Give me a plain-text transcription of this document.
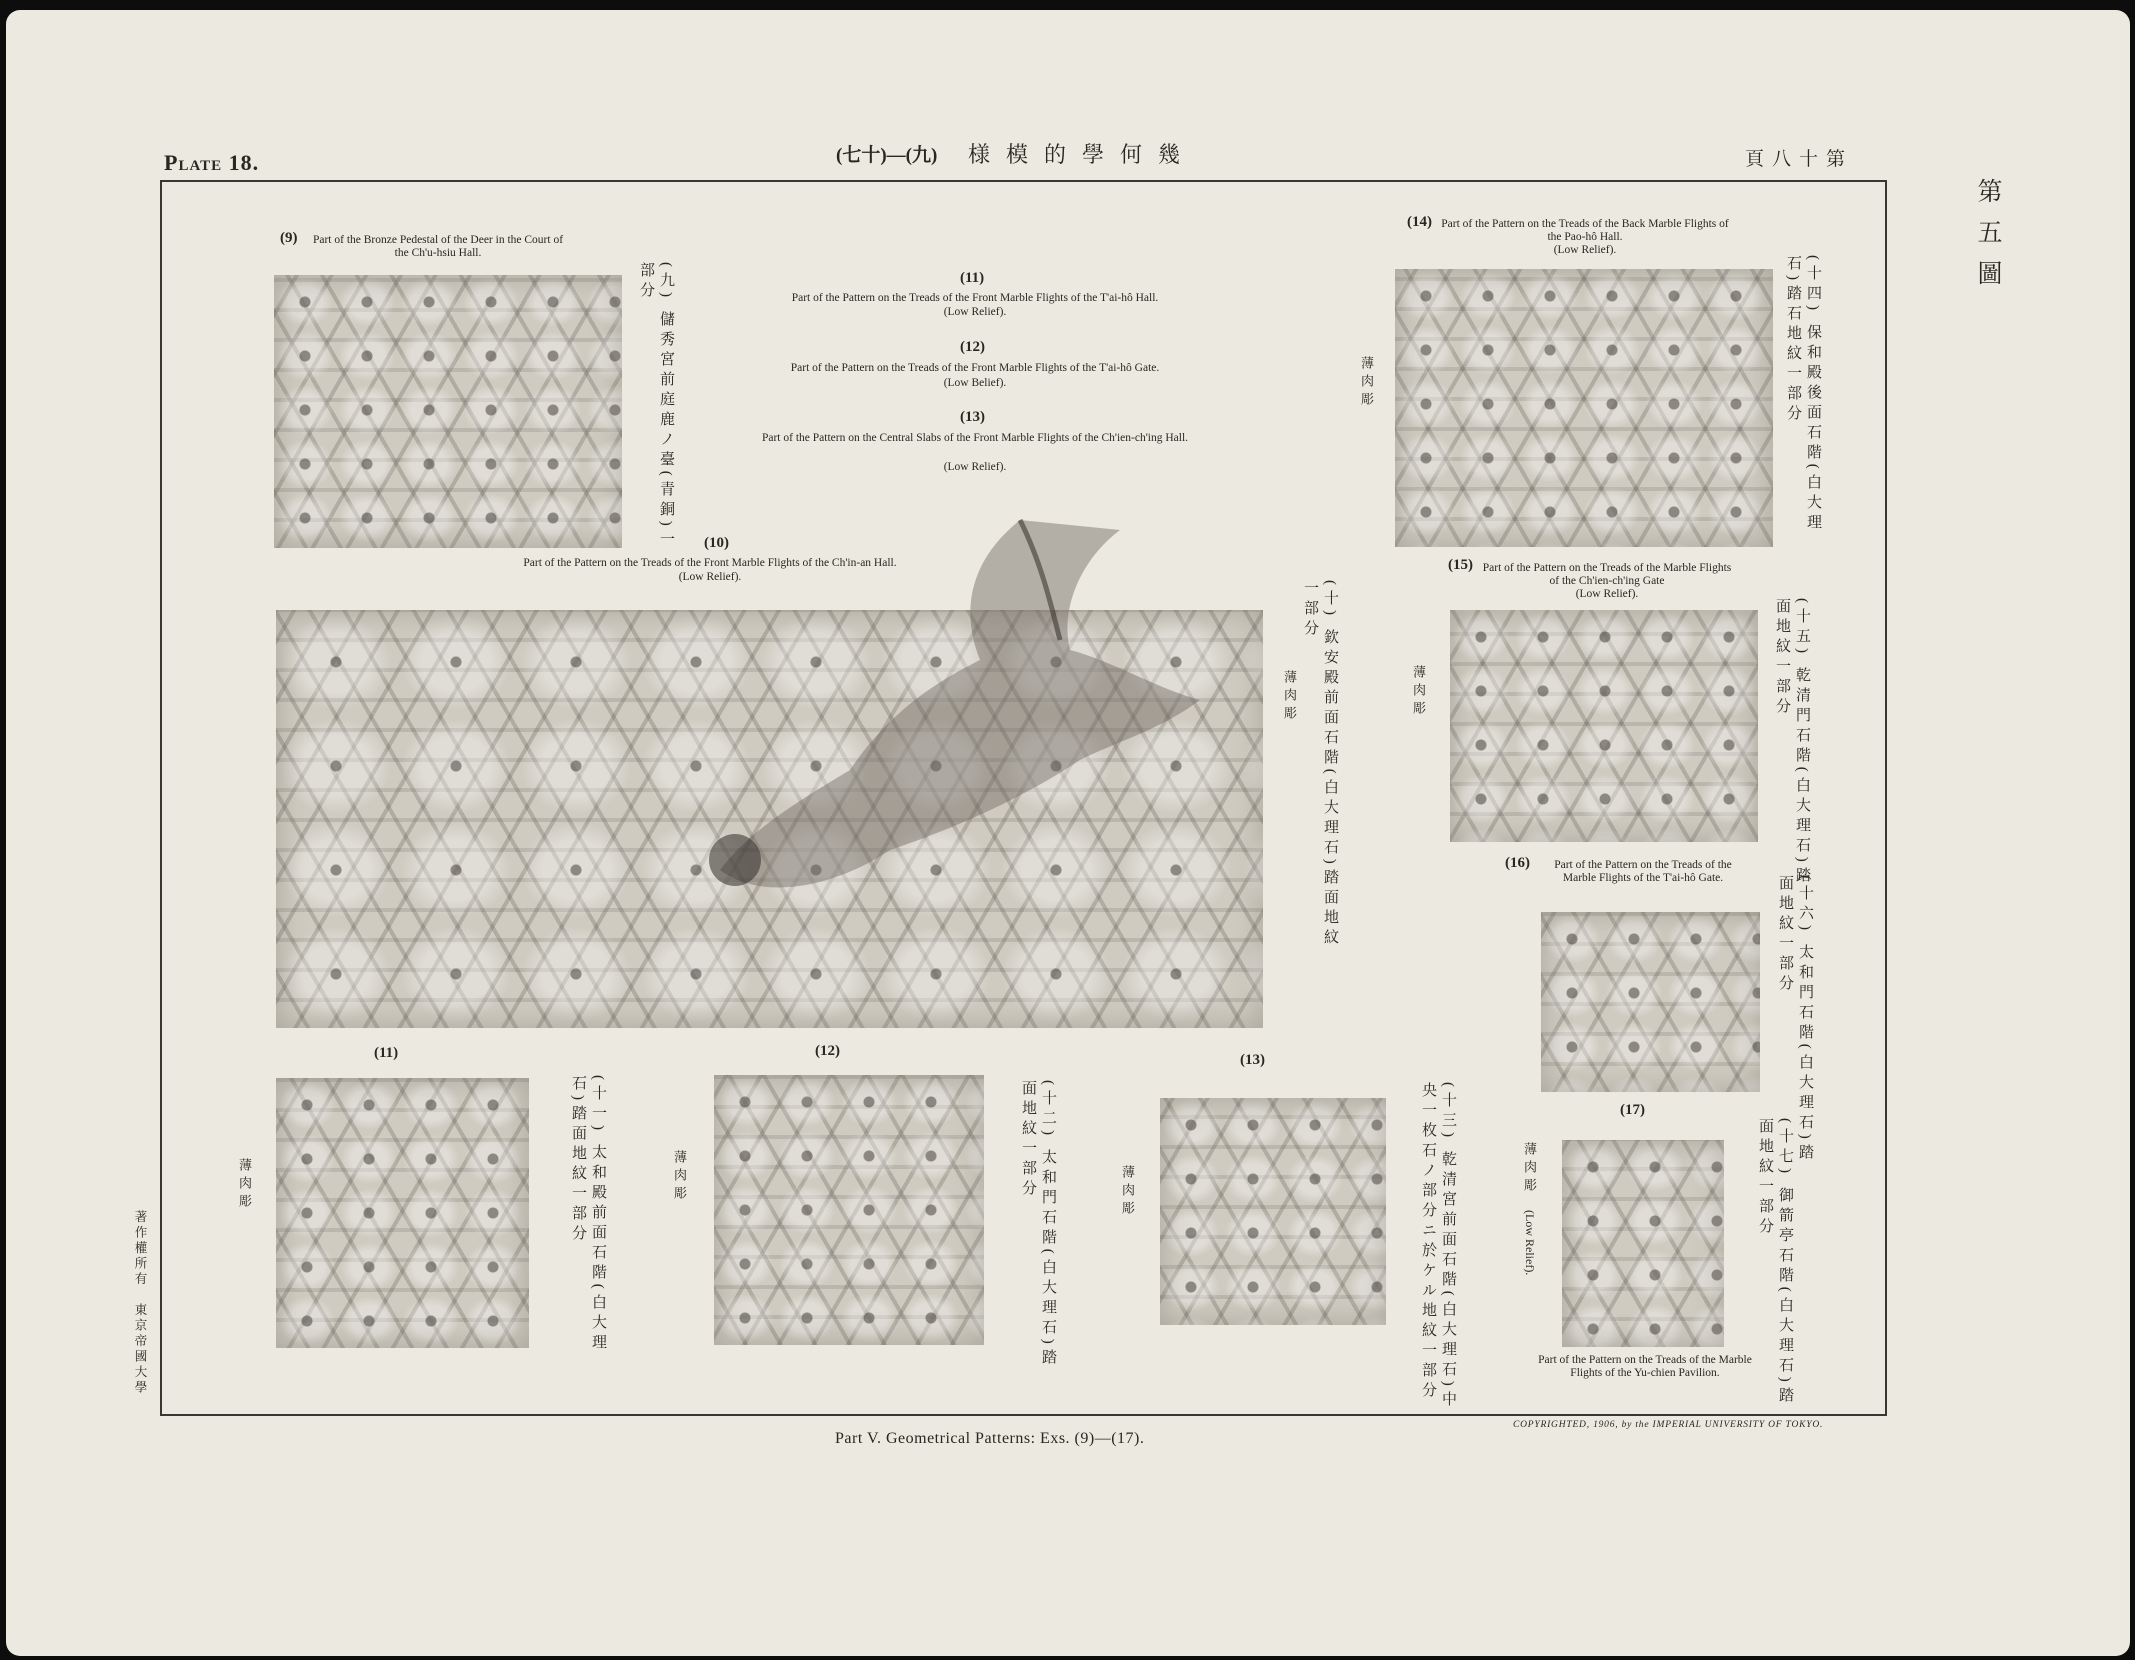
Plate 18.	(七十)—(九) 様模的學何幾	頁八十第
第五圖
著作權所有　東京帝國大學
(9)	Part of the Bronze Pedestal of the Deer in the Court of the Ch'u-hsiu Hall.
(九) 儲秀宮前庭鹿ノ臺(青銅)一部分	(11)
Part of the Pattern on the Treads of the Front Marble Flights of the T'ai-hô Hall.
(Low Relief).
(12)
Part of the Pattern on the Treads of the Front Marble Flights of the T'ai-hô Gate.
(Low Belief).
(13)
Part of the Pattern on the Central Slabs of the Front Marble Flights of the Ch'ien-ch'ing Hall.
(Low Relief).
(10)
Part of the Pattern on the Treads of the Front Marble Flights of the Ch'in-an Hall.
(Low Relief).
(十) 欽安殿前面石階(白大理石)踏面地紋一部分
薄肉彫
(14) Part of the Pattern on the Treads of the Back Marble Flights of the Pao-hô Hall.
(Low Relief).
(十四) 保和殿後面石階(白大理石)踏石地紋一部分
薄肉彫
(15) Part of the Pattern on the Treads of the Marble Flights of the Ch'ien-ch'ing Gate
(Low Relief).
(十五) 乾清門石階(白大理石)踏面地紋一部分
薄肉彫
(16)	Part of the Pattern on the Treads of the Marble Flights of the T'ai-hô Gate.	(十六) 太和門石階(白大理石)踏面地紋一部分
(17)
Part of the Pattern on the Treads of the Marble Flights of the Yu-chien Pavilion.	(十七) 御箭亭石階(白大理石)踏面地紋一部分
薄肉彫
(Low Relief).
(11)
(十一) 太和殿前面石階(白大理石)踏面地紋一部分
薄肉彫
(12)
(十二) 太和門石階(白大理石)踏面地紋一部分
薄肉彫
(13)
(十三) 乾清宮前面石階(白大理石)中央一枚石ノ部分ニ於ケル地紋一部分
薄肉彫
Part V. Geometrical Patterns: Exs. (9)—(17).
COPYRIGHTED, 1906, by the IMPERIAL UNIVERSITY OF TOKYO.
